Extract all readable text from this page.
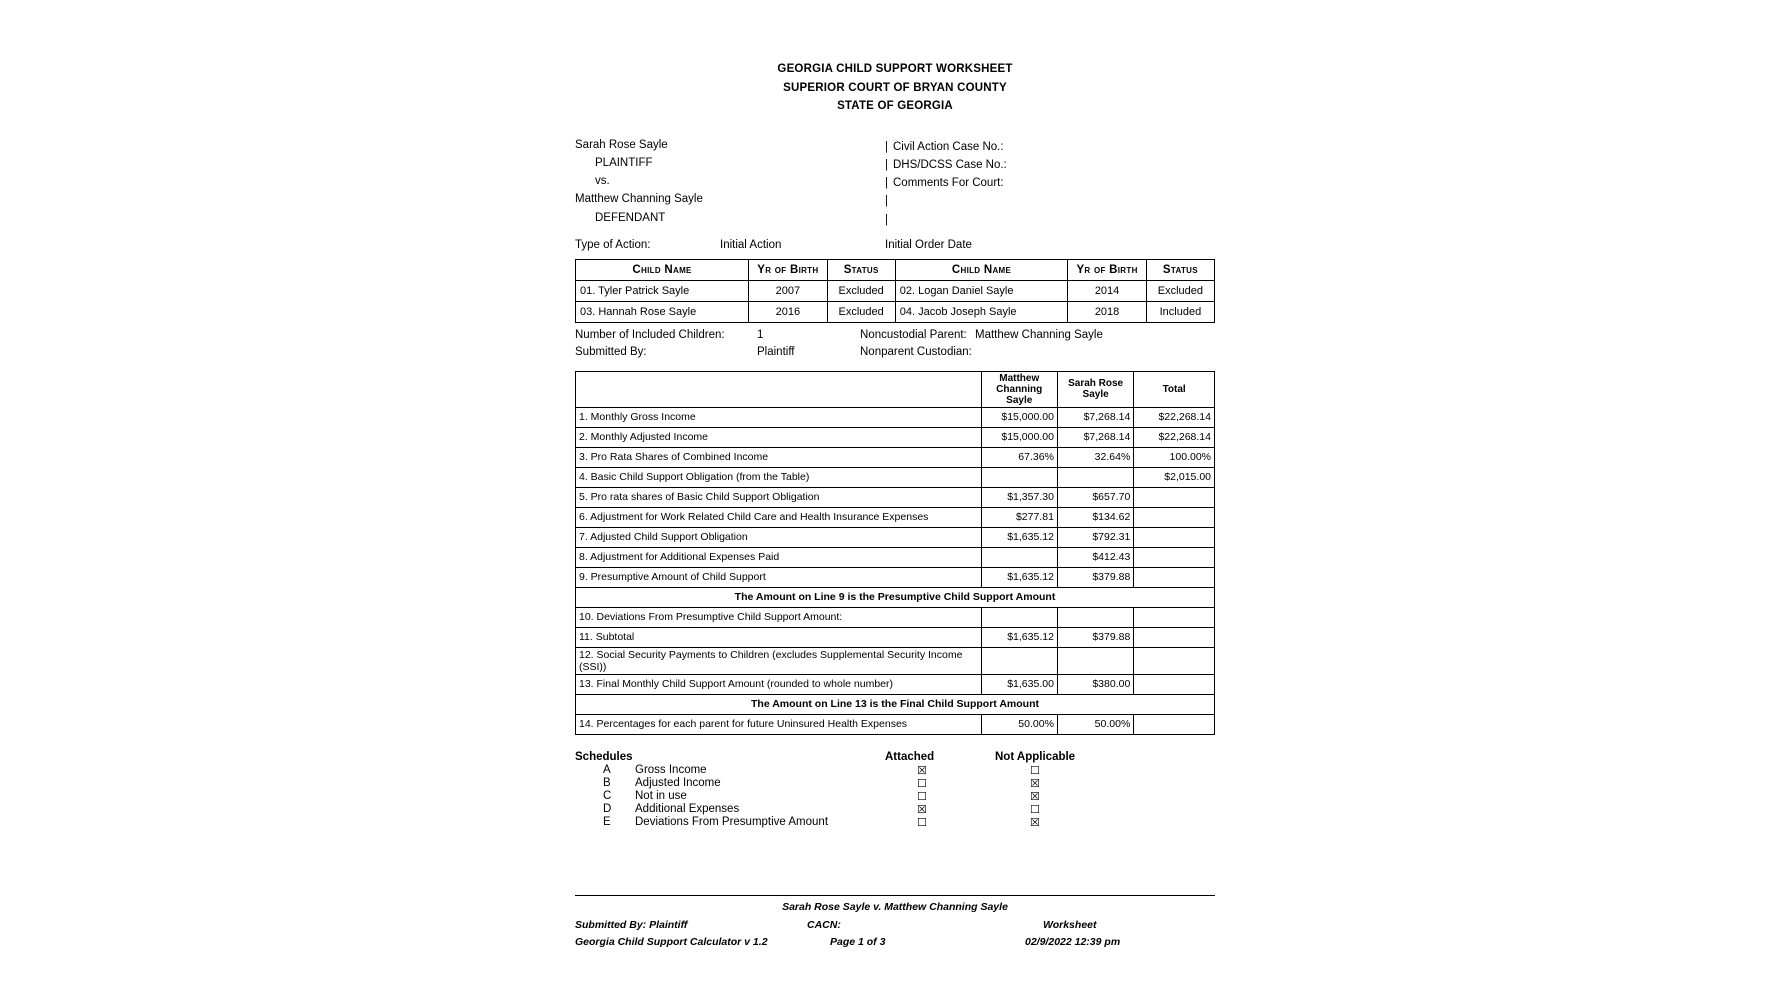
GEORGIA CHILD SUPPORT WORKSHEET
SUPERIOR COURT OF BRYAN COUNTY
STATE OF GEORGIA
Sarah Rose Sayle
PLAINTIFF
vs.
Matthew Channing Sayle
DEFENDANT
| Civil Action Case No.:
| DHS/DCSS Case No.:
| Comments For Court:
|
|
Type of Action:	Initial Action	Initial Order Date
Child Name	Yr of Birth	Status	Child Name	Yr of Birth	Status
01. Tyler Patrick Sayle	2007	Excluded	02. Logan Daniel Sayle	2014	Excluded
03. Hannah Rose Sayle	2016	Excluded	04. Jacob Joseph Sayle	2018	Included
Number of Included Children:	1
Submitted By:	Plaintiff
Noncustodial Parent: Matthew Channing Sayle
Nonparent Custodian:
	Matthew Channing Sayle	Sarah Rose Sayle	Total
1. Monthly Gross Income	$15,000.00	$7,268.14	$22,268.14
2. Monthly Adjusted Income	$15,000.00	$7,268.14	$22,268.14
3. Pro Rata Shares of Combined Income	67.36%	32.64%	100.00%
4. Basic Child Support Obligation (from the Table)			$2,015.00
5. Pro rata shares of Basic Child Support Obligation	$1,357.30	$657.70	
6. Adjustment for Work Related Child Care and Health Insurance Expenses	$277.81	$134.62	
7. Adjusted Child Support Obligation	$1,635.12	$792.31	
8. Adjustment for Additional Expenses Paid		$412.43	
9. Presumptive Amount of Child Support	$1,635.12	$379.88	
The Amount on Line 9 is the Presumptive Child Support Amount			
10. Deviations From Presumptive Child Support Amount:			
11. Subtotal	$1,635.12	$379.88	
12. Social Security Payments to Children (excludes Supplemental Security Income (SSI))			
13. Final Monthly Child Support Amount (rounded to whole number)	$1,635.00	$380.00	
The Amount on Line 13 is the Final Child Support Amount			
14. Percentages for each parent for future Uninsured Health Expenses	50.00%	50.00%	
Schedules	Attached	Not Applicable
A Gross Income	☒	☐
B Adjusted Income	☐	☒
C Not in use	☐	☒
D Additional Expenses	☒	☐
E Deviations From Presumptive Amount	☐	☒
Sarah Rose Sayle v. Matthew Channing Sayle
Submitted By: Plaintiff	CACN:	Worksheet
Georgia Child Support Calculator v 1.2	Page 1 of 3	02/9/2022 12:39 pm
